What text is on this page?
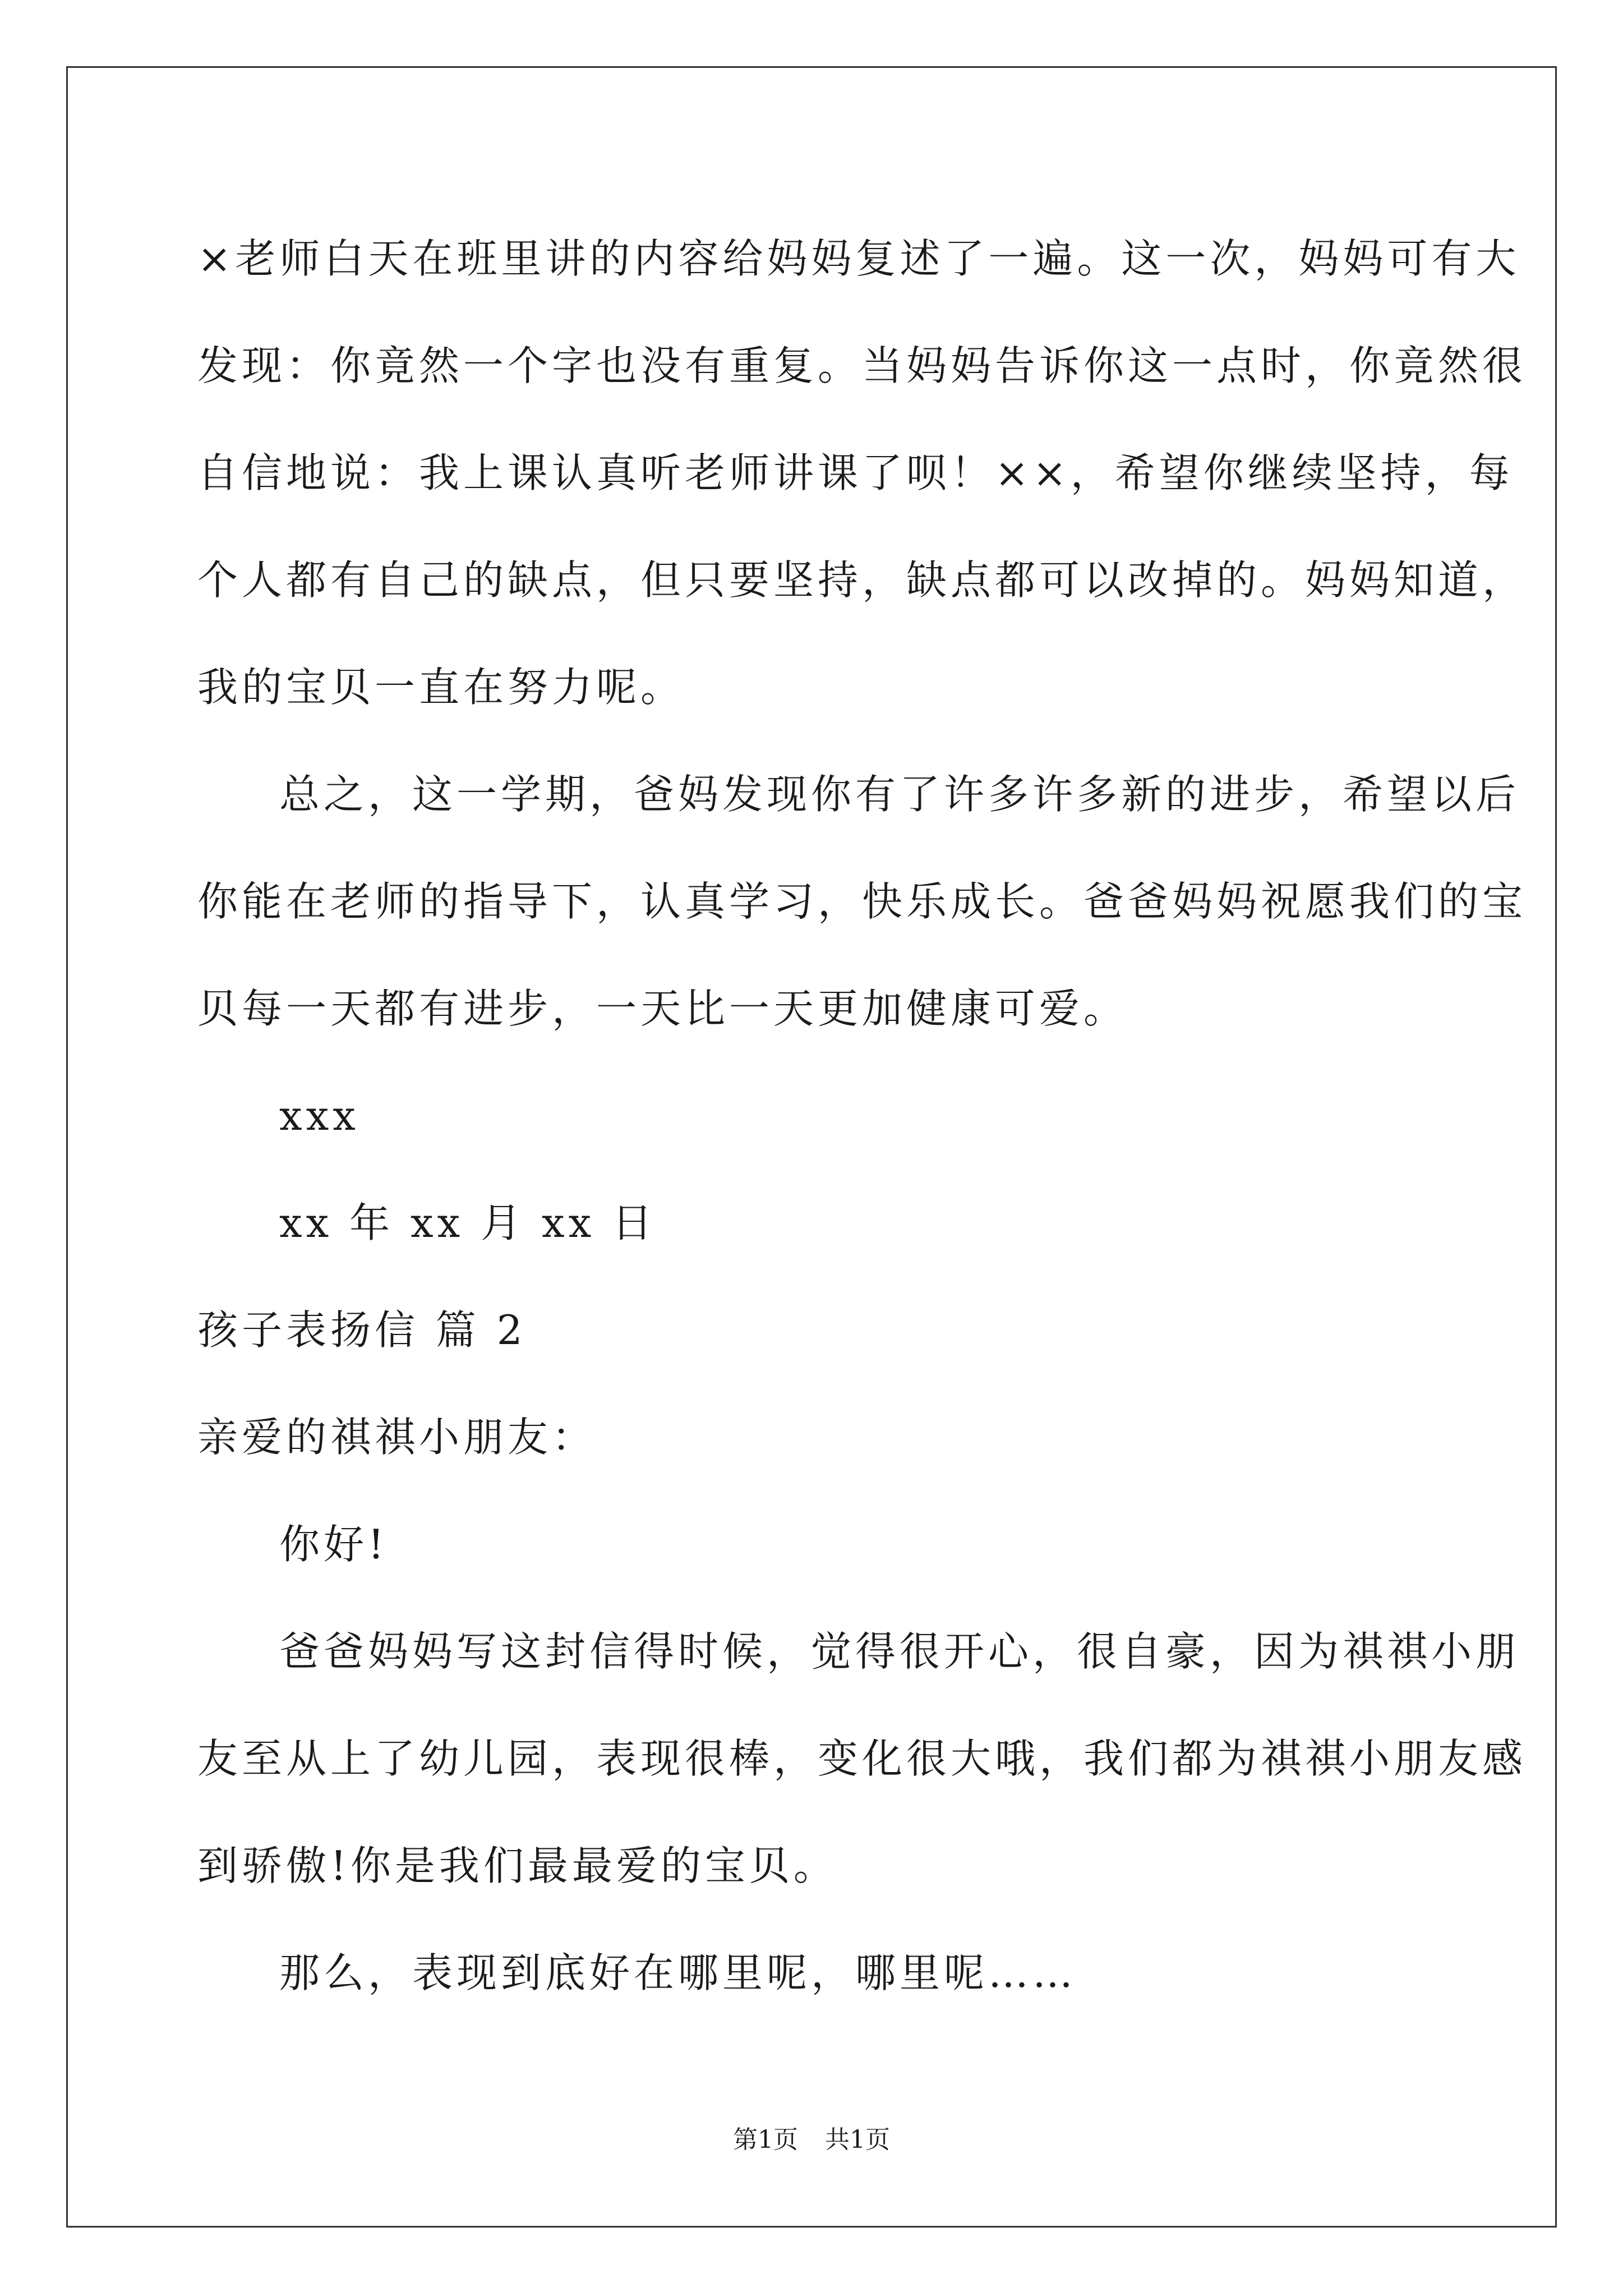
×老师白天在班里讲的内容给妈妈复述了一遍。这一次，妈妈可有大
发现：你竟然一个字也没有重复。当妈妈告诉你这一点时，你竟然很
自信地说：我上课认真听老师讲课了呗！××，希望你继续坚持，每
个人都有自己的缺点，但只要坚持，缺点都可以改掉的。妈妈知道，
我的宝贝一直在努力呢。
总之，这一学期，爸妈发现你有了许多许多新的进步，希望以后
你能在老师的指导下，认真学习，快乐成长。爸爸妈妈祝愿我们的宝
贝每一天都有进步，一天比一天更加健康可爱。
xxx
xx 年 xx 月 xx 日
孩子表扬信 篇 2
亲爱的祺祺小朋友：
你好!
爸爸妈妈写这封信得时候，觉得很开心，很自豪，因为祺祺小朋
友至从上了幼儿园，表现很棒，变化很大哦，我们都为祺祺小朋友感
到骄傲!你是我们最最爱的宝贝。
那么，表现到底好在哪里呢，哪里呢……
第1页 共1页
